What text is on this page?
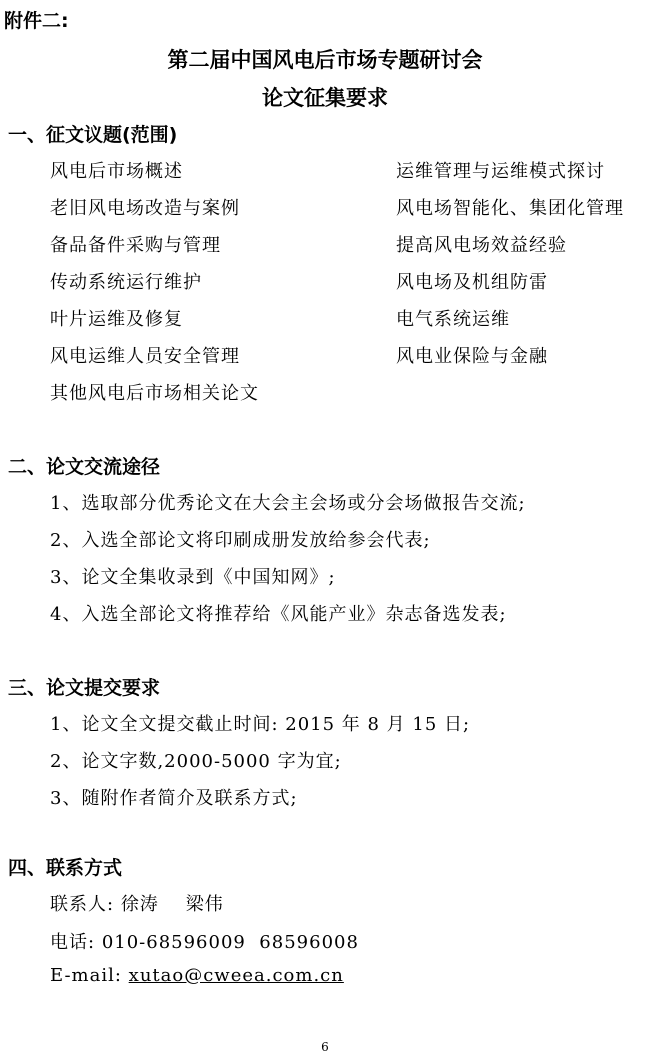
附件二:
第二届中国风电后市场专题研讨会
论文征集要求
一、征文议题(范围)
风电后市场概述
老旧风电场改造与案例
备品备件采购与管理
传动系统运行维护
叶片运维及修复
风电运维人员安全管理
其他风电后市场相关论文
运维管理与运维模式探讨
风电场智能化、集团化管理
提高风电场效益经验
风电场及机组防雷
电气系统运维
风电业保险与金融
二、论文交流途径
1、选取部分优秀论文在大会主会场或分会场做报告交流;
2、入选全部论文将印刷成册发放给参会代表;
3、论文全集收录到《中国知网》;
4、入选全部论文将推荐给《风能产业》杂志备选发表;
三、论文提交要求
1、论文全文提交截止时间: 2015 年 8 月 15 日;
2、论文字数,2000-5000 字为宜;
3、随附作者简介及联系方式;
四、联系方式
联系人: 徐涛    梁伟
电话: 010-68596009  68596008
E-mail: xutao@cweea.com.cn
6
